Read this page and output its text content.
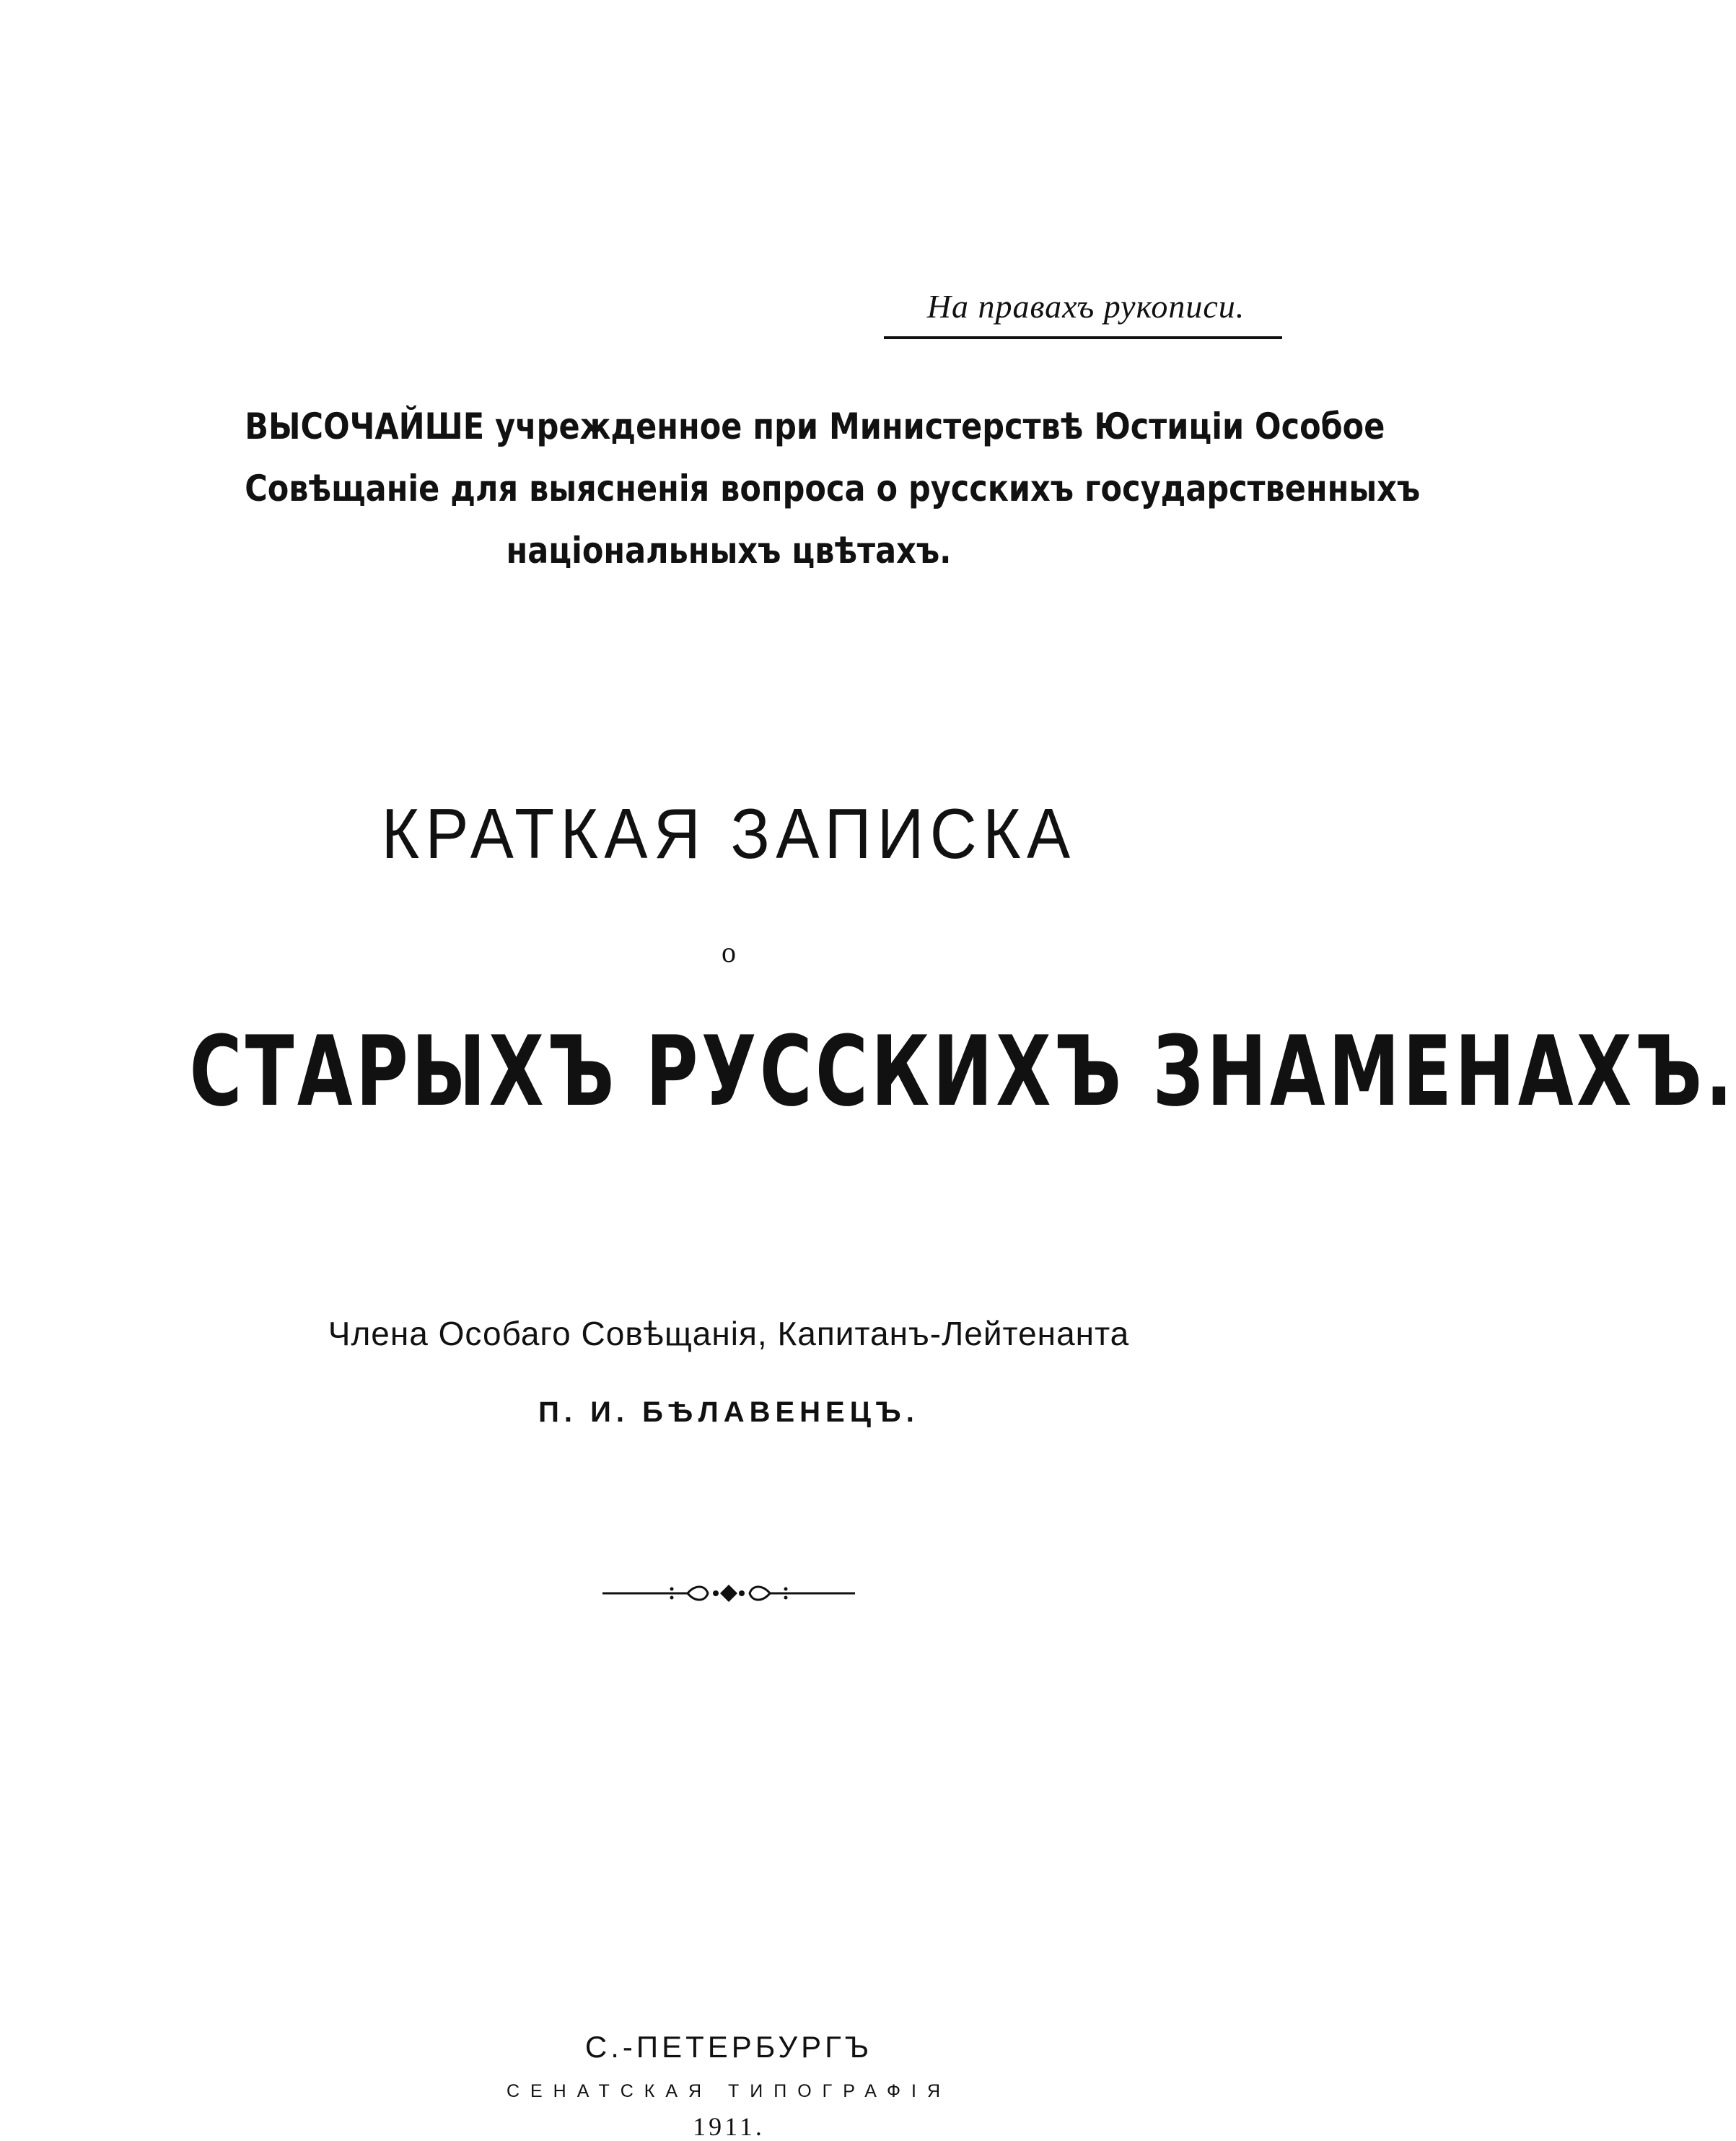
На правахъ рукописи.
ВЫСОЧАЙШЕ учрежденное при Министерствѣ Юстиціи Особое
Совѣщаніе для выясненія вопроса о русскихъ государственныхъ
національныхъ цвѣтахъ.
КРАТКАЯ ЗАПИСКА
о
СТАРЫХЪ РУССКИХЪ ЗНАМЕНАХЪ.
Члена Особаго Совѣщанія, Капитанъ-Лейтенанта
П. И. БѢЛАВЕНЕЦЪ.
С.-ПЕТЕРБУРГЪ
СЕНАТСКАЯ ТИПОГРАФІЯ
1911.
